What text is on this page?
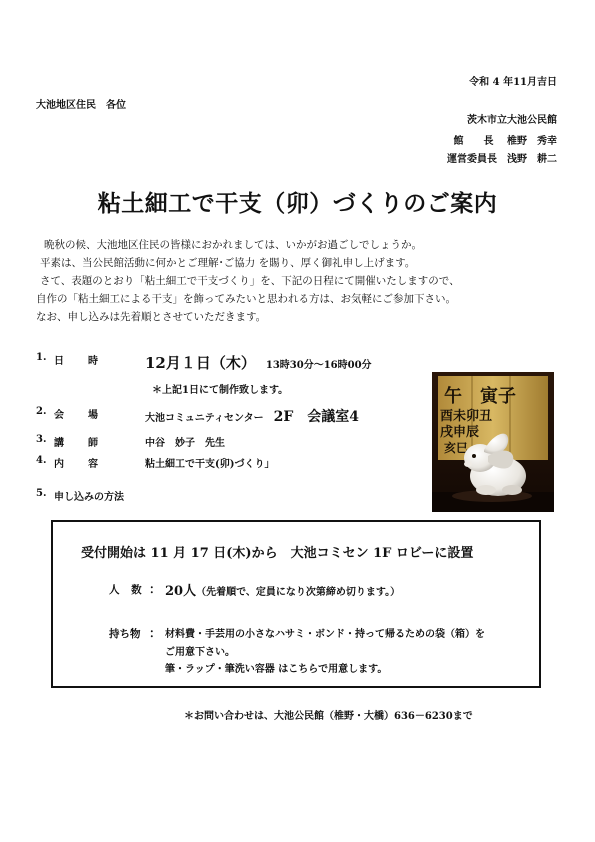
令和 4 年11月吉日
大池地区住民　各位
茨木市立大池公民館
館　　長　 椎野　秀幸
運営委員長　浅野　耕二
粘土細工で干支（卯）づくりのご案内
晩秋の候、大池地区住民の皆様におかれましては、いかがお過ごしでしょうか。
平素は、当公民館活動に何かとご理解･ご協力 を賜り、厚く御礼申し上げます。
さて、表題のとおり「粘土細工で干支づくり」を、下記の日程にて開催いたしますので、
自作の「粘土細工による干支」を飾ってみたいと思われる方は、お気軽にご参加下さい。
なお、申し込みは先着順とさせていただきます。
1. 日時	12月１日（木） 13時30分～16時00分
＊上記1日にて制作致します。
2. 会場	大池コミュニティセンター 2F　会議室4
3. 講師	中谷　妙子　先生
4. 内容	粘土細工で干支(卯)づくり」
5. 申し込みの方法
午　寅子
酉未卯丑
戌申辰
亥巳
受付開始は 11 月 17 日(木)から　大池コミセン 1F ロビーに設置
人 数 ： 20人（先着順で、定員になり次第締め切ります。）
持ち物 ： 材料費・手芸用の小さなハサミ・ボンド・持って帰るための袋（箱）を
ご用意下さい。
筆・ラップ・筆洗い容器 はこちらで用意します。
＊お問い合わせは、大池公民館（椎野・大橋）636－6230まで
